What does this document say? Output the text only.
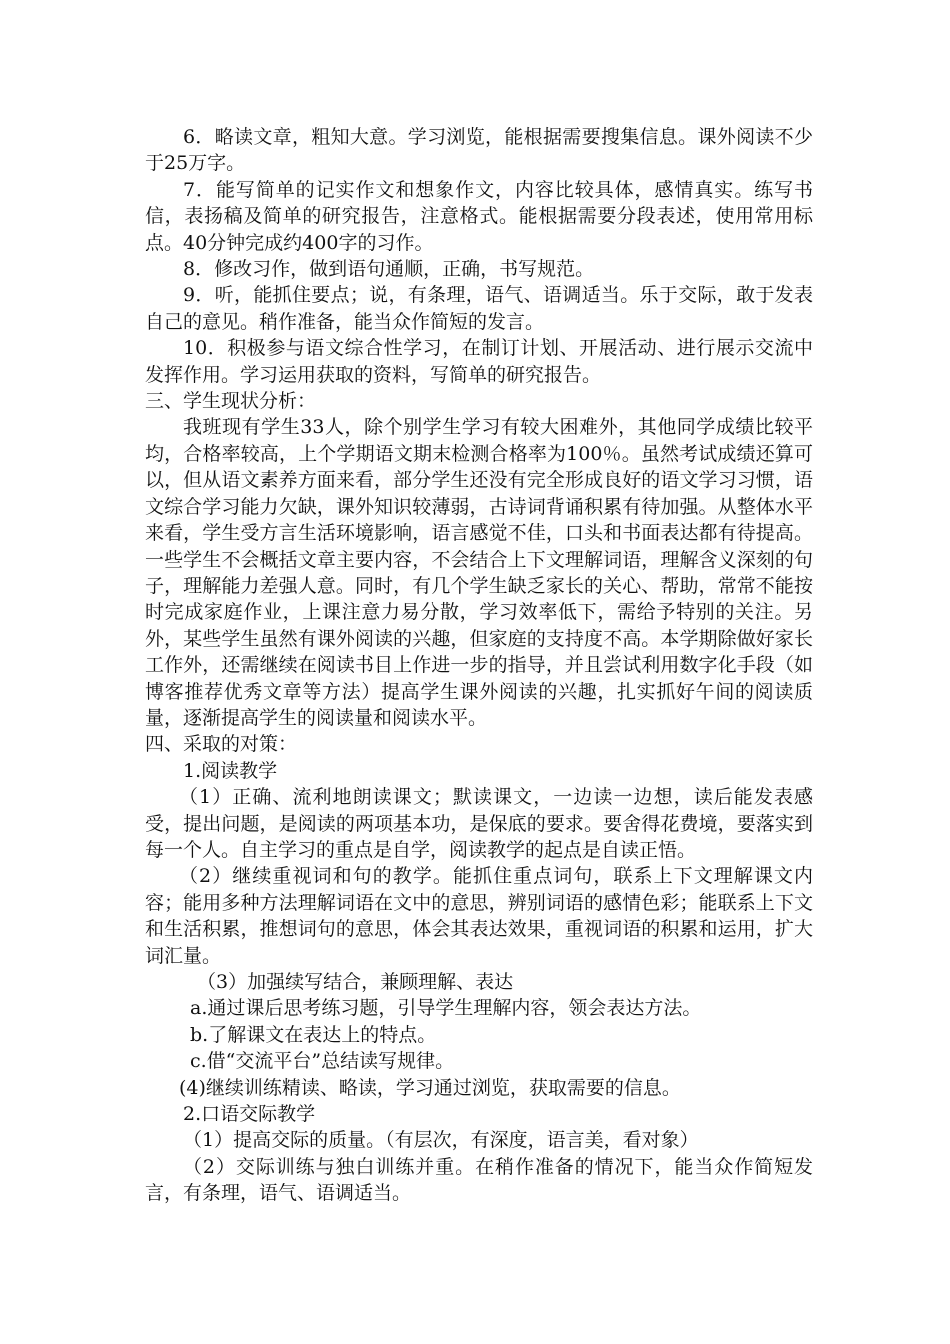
6．略读文章，粗知大意。学习浏览，能根据需要搜集信息。课外阅读不少于25万字。

7．能写简单的记实作文和想象作文，内容比较具体，感情真实。练写书信，表扬稿及简单的研究报告，注意格式。能根据需要分段表述，使用常用标点。40分钟完成约400字的习作。

8．修改习作，做到语句通顺，正确，书写规范。

9．听，能抓住要点；说，有条理，语气、语调适当。乐于交际，敢于发表自己的意见。稍作准备，能当众作简短的发言。

10．积极参与语文综合性学习，在制订计划、开展活动、进行展示交流中发挥作用。学习运用获取的资料，写简单的研究报告。

三、学生现状分析：

我班现有学生33人，除个别学生学习有较大困难外，其他同学成绩比较平均，合格率较高，上个学期语文期末检测合格率为100％。虽然考试成绩还算可以，但从语文素养方面来看，部分学生还没有完全形成良好的语文学习习惯，语文综合学习能力欠缺，课外知识较薄弱，古诗词背诵积累有待加强。从整体水平来看，学生受方言生活环境影响，语言感觉不佳，口头和书面表达都有待提高。一些学生不会概括文章主要内容，不会结合上下文理解词语，理解含义深刻的句子，理解能力差强人意。同时，有几个学生缺乏家长的关心、帮助，常常不能按时完成家庭作业，上课注意力易分散，学习效率低下，需给予特别的关注。另外，某些学生虽然有课外阅读的兴趣，但家庭的支持度不高。本学期除做好家长工作外，还需继续在阅读书目上作进一步的指导，并且尝试利用数字化手段（如博客推荐优秀文章等方法）提高学生课外阅读的兴趣，扎实抓好午间的阅读质量，逐渐提高学生的阅读量和阅读水平。

四、采取的对策：

1.阅读教学

（1）正确、流利地朗读课文；默读课文，一边读一边想，读后能发表感受，提出问题，是阅读的两项基本功，是保底的要求。要舍得花费境，要落实到每一个人。自主学习的重点是自学，阅读教学的起点是自读正悟。

（2）继续重视词和句的教学。能抓住重点词句，联系上下文理解课文内容；能用多种方法理解词语在文中的意思，辨别词语的感情色彩；能联系上下文和生活积累，推想词句的意思，体会其表达效果，重视词语的积累和运用，扩大词汇量。

（3）加强续写结合，兼顾理解、表达

a.通过课后思考练习题，引导学生理解内容，领会表达方法。

b.了解课文在表达上的特点。

c.借“交流平台”总结读写规律。

(4)继续训练精读、略读，学习通过浏览，获取需要的信息。

2.口语交际教学

（1）提高交际的质量。（有层次，有深度，语言美，看对象）

（2）交际训练与独白训练并重。在稍作准备的情况下，能当众作简短发言，有条理，语气、语调适当。
